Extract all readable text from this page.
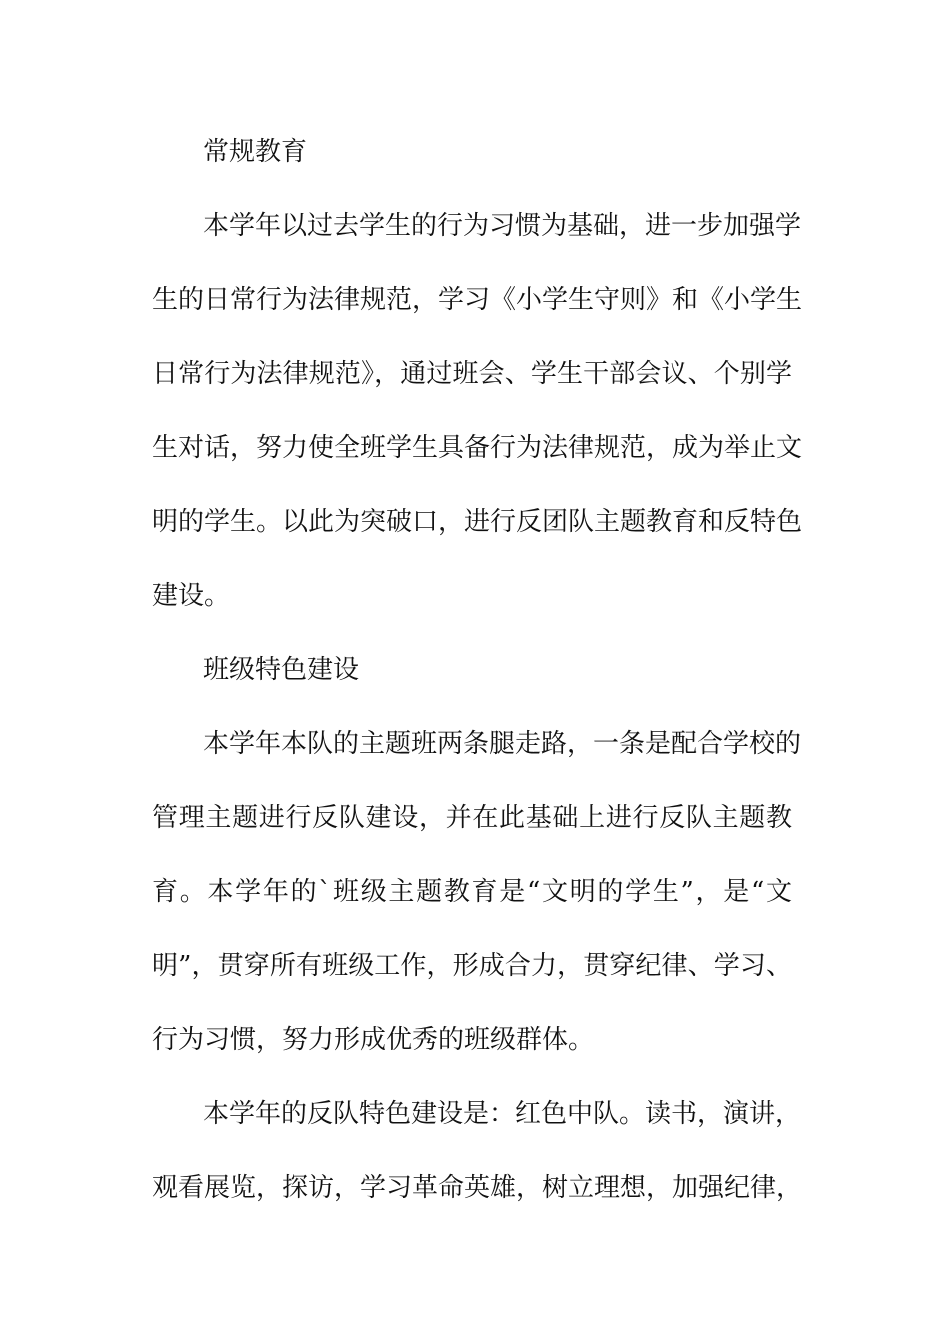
常规教育
本学年以过去学生的行为习惯为基础，进一步加强学
生的日常行为法律规范，学习《小学生守则》和《小学生
日常行为法律规范》，通过班会、学生干部会议、个别学
生对话，努力使全班学生具备行为法律规范，成为举止文
明的学生。以此为突破口，进行反团队主题教育和反特色
建设。
班级特色建设
本学年本队的主题班两条腿走路，一条是配合学校的
管理主题进行反队建设，并在此基础上进行反队主题教
育。本学年的`班级主题教育是“文明的学生”，是“文
明”，贯穿所有班级工作，形成合力，贯穿纪律、学习、
行为习惯，努力形成优秀的班级群体。
本学年的反队特色建设是：红色中队。读书，演讲，
观看展览，探访，学习革命英雄，树立理想，加强纪律，
